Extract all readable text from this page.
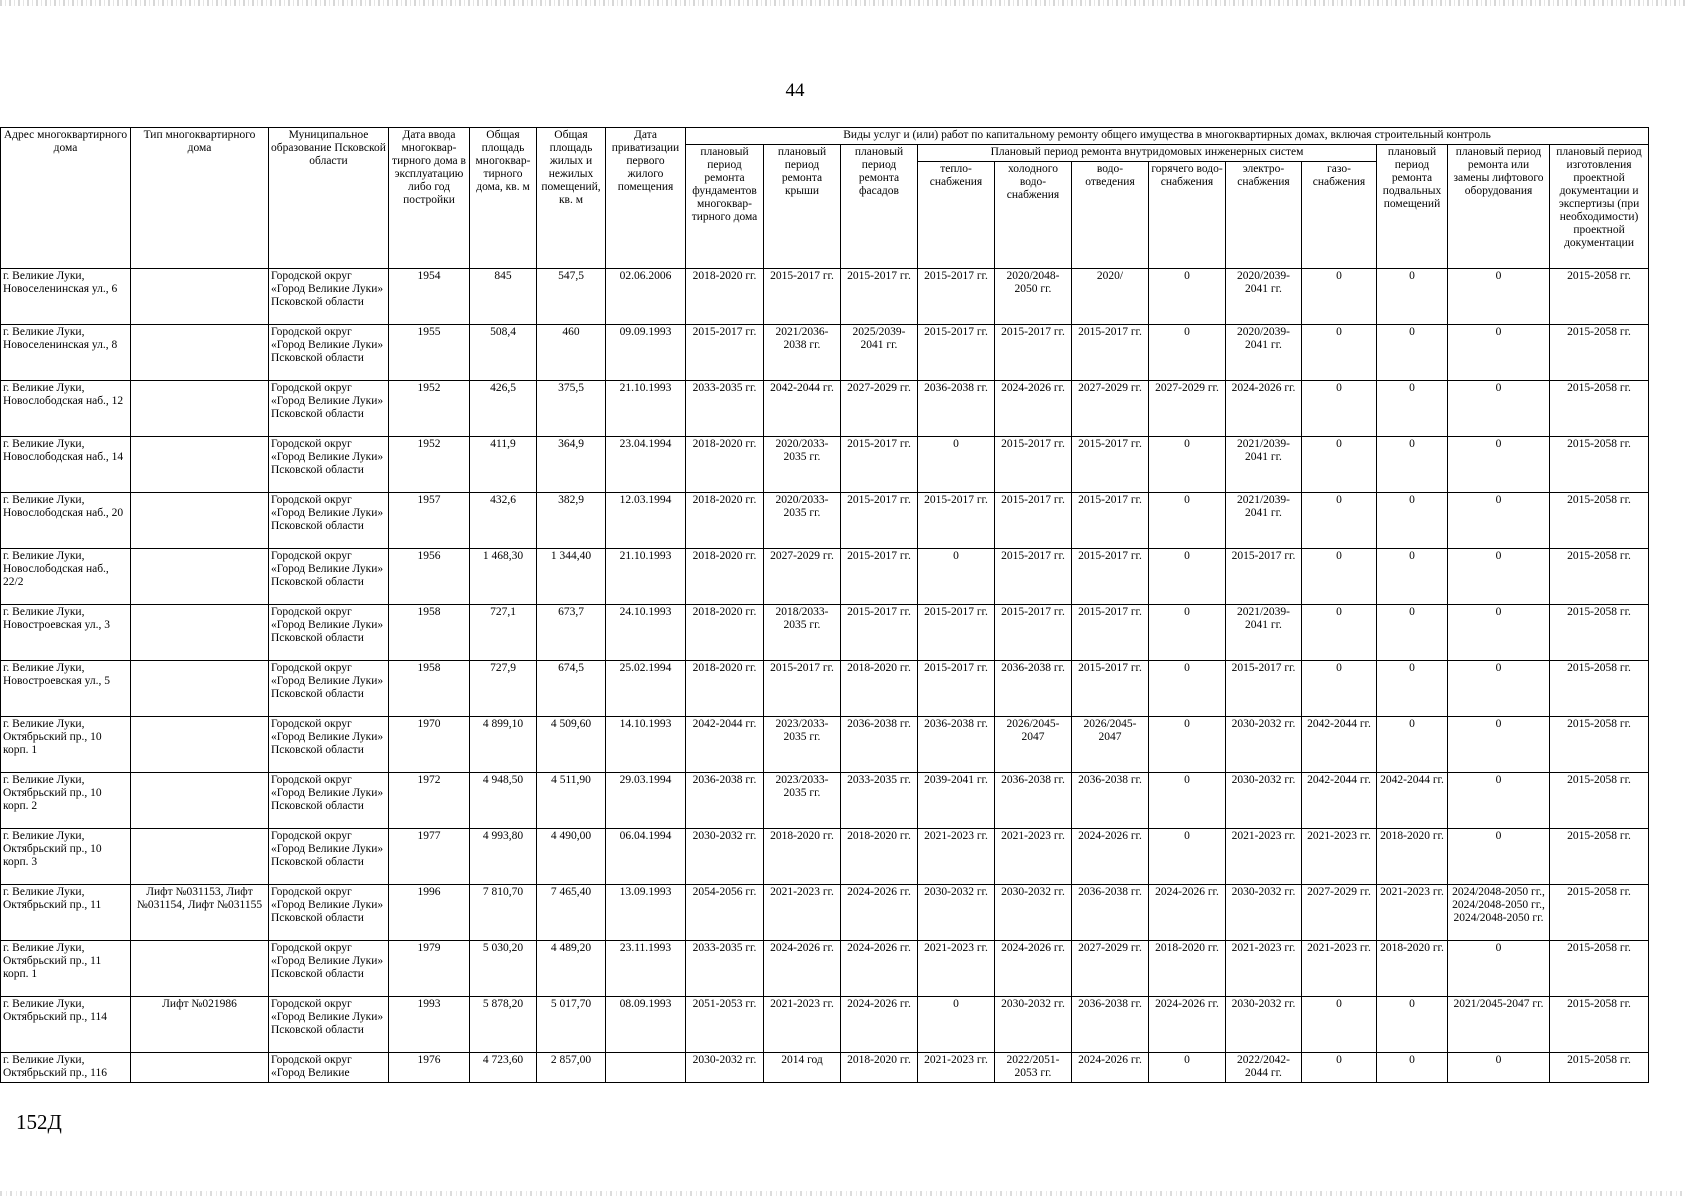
44
Адрес многоквартирного дома	Тип многоквартирного дома	Муниципальное образование Псковской области	Дата ввода многоквар-тирного дома в эксплуатацию либо год постройки	Общая площадь многоквар-тирного дома, кв. м	Общая площадь жилых и нежилых помещений, кв. м	Дата приватизации первого жилого помещения	Виды услуг и (или) работ по капитальному ремонту общего имущества в многоквартирных домах, включая строительный контроль											
							плановый период ремонта фундаментов многоквар-тирного дома	плановый период ремонта крыши	плановый период ремонта фасадов	Плановый период ремонта внутридомовых инженерных систем						плановый период ремонта подвальных помещений	плановый период ремонта или замены лифтового оборудования	плановый период изготовления проектной документации и экспертизы (при необходимости) проектной документации
										тепло-снабжения	холодного водо-снабжения	водо-отведения	горячего водо-снабжения	электро-снабжения	газо-снабжения			
г. Великие Луки, Новоселенинская ул., 6		Городской округ «Город Великие Луки» Псковской области	1954	845	547,5	02.06.2006	2018-2020 гг.	2015-2017 гг.	2015-2017 гг.	2015-2017 гг.	2020/2048-2050 гг.	2020/	0	2020/2039-2041 гг.	0	0	0	2015-2058 гг.
г. Великие Луки, Новоселенинская ул., 8		Городской округ «Город Великие Луки» Псковской области	1955	508,4	460	09.09.1993	2015-2017 гг.	2021/2036-2038 гг.	2025/2039-2041 гг.	2015-2017 гг.	2015-2017 гг.	2015-2017 гг.	0	2020/2039-2041 гг.	0	0	0	2015-2058 гг.
г. Великие Луки, Новослободская наб., 12		Городской округ «Город Великие Луки» Псковской области	1952	426,5	375,5	21.10.1993	2033-2035 гг.	2042-2044 гг.	2027-2029 гг.	2036-2038 гг.	2024-2026 гг.	2027-2029 гг.	2027-2029 гг.	2024-2026 гг.	0	0	0	2015-2058 гг.
г. Великие Луки, Новослободская наб., 14		Городской округ «Город Великие Луки» Псковской области	1952	411,9	364,9	23.04.1994	2018-2020 гг.	2020/2033-2035 гг.	2015-2017 гг.	0	2015-2017 гг.	2015-2017 гг.	0	2021/2039-2041 гг.	0	0	0	2015-2058 гг.
г. Великие Луки, Новослободская наб., 20		Городской округ «Город Великие Луки» Псковской области	1957	432,6	382,9	12.03.1994	2018-2020 гг.	2020/2033-2035 гг.	2015-2017 гг.	2015-2017 гг.	2015-2017 гг.	2015-2017 гг.	0	2021/2039-2041 гг.	0	0	0	2015-2058 гг.
г. Великие Луки, Новослободская наб., 22/2		Городской округ «Город Великие Луки» Псковской области	1956	1 468,30	1 344,40	21.10.1993	2018-2020 гг.	2027-2029 гг.	2015-2017 гг.	0	2015-2017 гг.	2015-2017 гг.	0	2015-2017 гг.	0	0	0	2015-2058 гг.
г. Великие Луки, Новостроевская ул., 3		Городской округ «Город Великие Луки» Псковской области	1958	727,1	673,7	24.10.1993	2018-2020 гг.	2018/2033-2035 гг.	2015-2017 гг.	2015-2017 гг.	2015-2017 гг.	2015-2017 гг.	0	2021/2039-2041 гг.	0	0	0	2015-2058 гг.
г. Великие Луки, Новостроевская ул., 5		Городской округ «Город Великие Луки» Псковской области	1958	727,9	674,5	25.02.1994	2018-2020 гг.	2015-2017 гг.	2018-2020 гг.	2015-2017 гг.	2036-2038 гг.	2015-2017 гг.	0	2015-2017 гг.	0	0	0	2015-2058 гг.
г. Великие Луки, Октябрьский пр., 10 корп. 1		Городской округ «Город Великие Луки» Псковской области	1970	4 899,10	4 509,60	14.10.1993	2042-2044 гг.	2023/2033-2035 гг.	2036-2038 гг.	2036-2038 гг.	2026/2045-2047	2026/2045-2047	0	2030-2032 гг.	2042-2044 гг.	0	0	2015-2058 гг.
г. Великие Луки, Октябрьский пр., 10 корп. 2		Городской округ «Город Великие Луки» Псковской области	1972	4 948,50	4 511,90	29.03.1994	2036-2038 гг.	2023/2033-2035 гг.	2033-2035 гг.	2039-2041 гг.	2036-2038 гг.	2036-2038 гг.	0	2030-2032 гг.	2042-2044 гг.	2042-2044 гг.	0	2015-2058 гг.
г. Великие Луки, Октябрьский пр., 10 корп. 3		Городской округ «Город Великие Луки» Псковской области	1977	4 993,80	4 490,00	06.04.1994	2030-2032 гг.	2018-2020 гг.	2018-2020 гг.	2021-2023 гг.	2021-2023 гг.	2024-2026 гг.	0	2021-2023 гг.	2021-2023 гг.	2018-2020 гг.	0	2015-2058 гг.
г. Великие Луки, Октябрьский пр., 11	Лифт №031153, Лифт №031154, Лифт №031155	Городской округ «Город Великие Луки» Псковской области	1996	7 810,70	7 465,40	13.09.1993	2054-2056 гг.	2021-2023 гг.	2024-2026 гг.	2030-2032 гг.	2030-2032 гг.	2036-2038 гг.	2024-2026 гг.	2030-2032 гг.	2027-2029 гг.	2021-2023 гг.	2024/2048-2050 гг., 2024/2048-2050 гг., 2024/2048-2050 гг.	2015-2058 гг.
г. Великие Луки, Октябрьский пр., 11 корп. 1		Городской округ «Город Великие Луки» Псковской области	1979	5 030,20	4 489,20	23.11.1993	2033-2035 гг.	2024-2026 гг.	2024-2026 гг.	2021-2023 гг.	2024-2026 гг.	2027-2029 гг.	2018-2020 гг.	2021-2023 гг.	2021-2023 гг.	2018-2020 гг.	0	2015-2058 гг.
г. Великие Луки, Октябрьский пр., 114	Лифт №021986	Городской округ «Город Великие Луки» Псковской области	1993	5 878,20	5 017,70	08.09.1993	2051-2053 гг.	2021-2023 гг.	2024-2026 гг.	0	2030-2032 гг.	2036-2038 гг.	2024-2026 гг.	2030-2032 гг.	0	0	2021/2045-2047 гг.	2015-2058 гг.
г. Великие Луки, Октябрьский пр., 116		Городской округ «Город Великие	1976	4 723,60	2 857,00		2030-2032 гг.	2014 год	2018-2020 гг.	2021-2023 гг.	2022/2051-2053 гг.	2024-2026 гг.	0	2022/2042-2044 гг.	0	0	0	2015-2058 гг.
152Д
